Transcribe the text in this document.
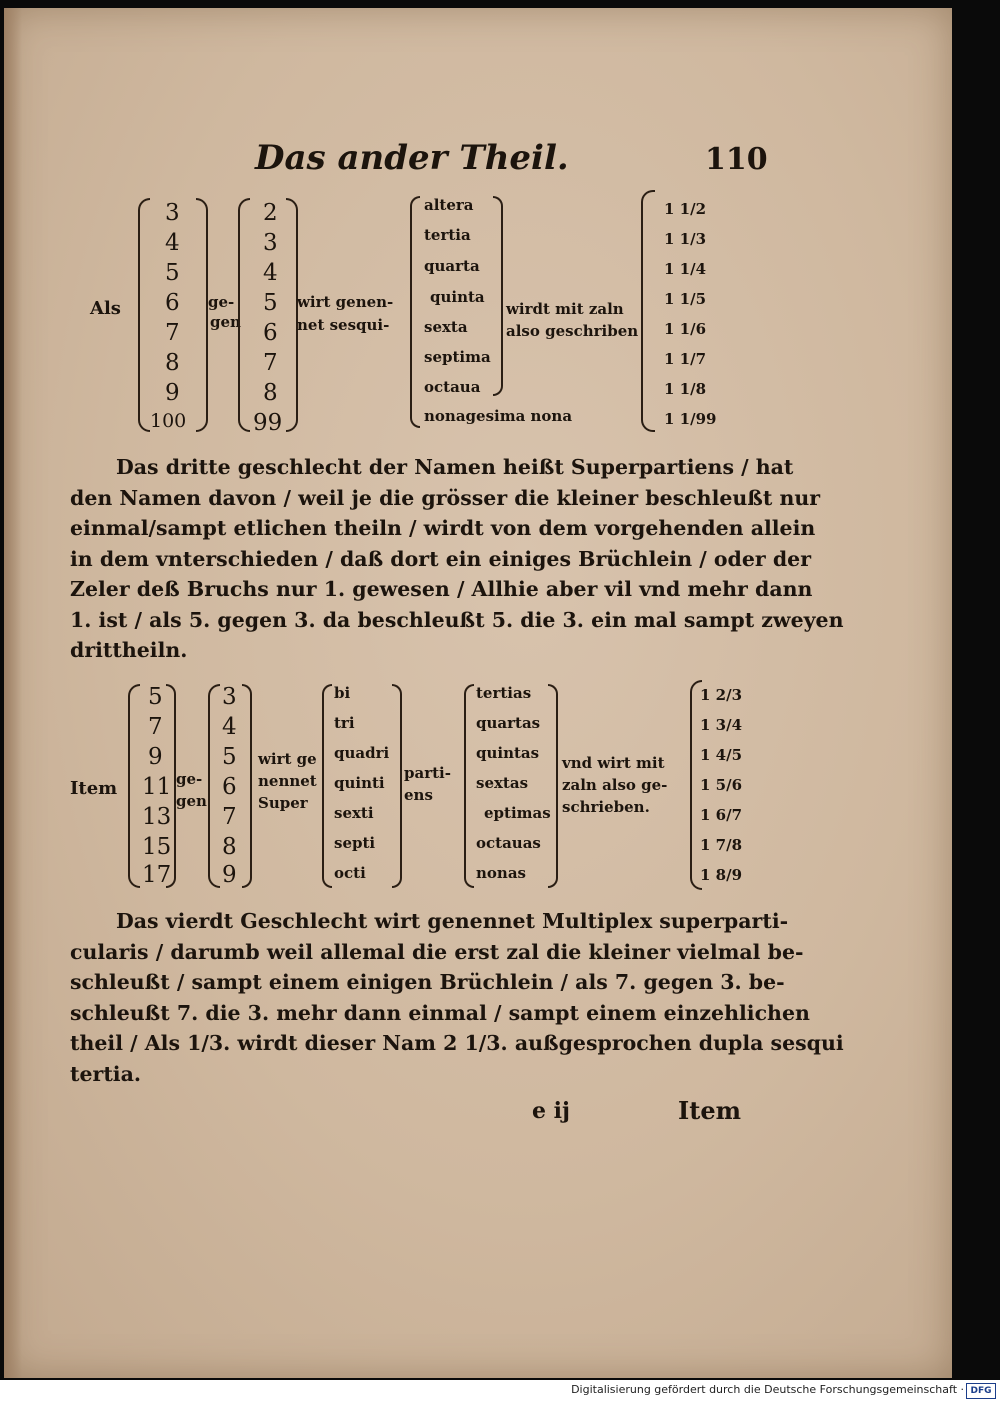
Das ander Theil.	110
Als
3
4
5
6
7
8
9
100
ge-
gen
2
3
4
5
6
7
8
99
wirt genen-
net sesqui-
altera
tertia
quarta
quinta
sexta
septima
octaua
nonagesima nona
wirdt mit zaln
also geschriben
1 1/2
1 1/3
1 1/4
1 1/5
1 1/6
1 1/7
1 1/8
1 1/99

Das dritte geschlecht der Namen heißt Superpartiens / hat
den Namen davon / weil je die grösser die kleiner beschleußt nur
einmal/sampt etlichen theiln / wirdt von dem vorgehenden allein
in dem vnterschieden / daß dort ein einiges Brüchlein / oder der
Zeler deß Bruchs nur 1. gewesen / Allhie aber vil vnd mehr dann
1. ist / als 5. gegen 3. da beschleußt 5. die 3. ein mal sampt zweyen
drittheiln.

Item
5
7
9
11
13
15
17
ge-
gen
3
4
5
6
7
8
9
wirt ge
nennet
Super
bi
tri
quadri
quinti
sexti
septi
octi
parti-
ens
tertias
quartas
quintas
sextas
eptimas
octauas
nonas
vnd wirt mit
zaln also ge-
schrieben.
1 2/3
1 3/4
1 4/5
1 5/6
1 6/7
1 7/8
1 8/9

Das vierdt Geschlecht wirt genennet Multiplex superparti-
cularis / darumb weil allemal die erst zal die kleiner vielmal be-
schleußt / sampt einem einigen Brüchlein / als 7. gegen 3. be-
schleußt 7. die 3. mehr dann einmal / sampt einem einzehlichen
theil / Als 1/3. wirdt dieser Nam 2 1/3. außgesprochen dupla sesqui
tertia.

e ij	Item
Digitalisierung gefördert durch die Deutsche Forschungsgemeinschaft · DFG
